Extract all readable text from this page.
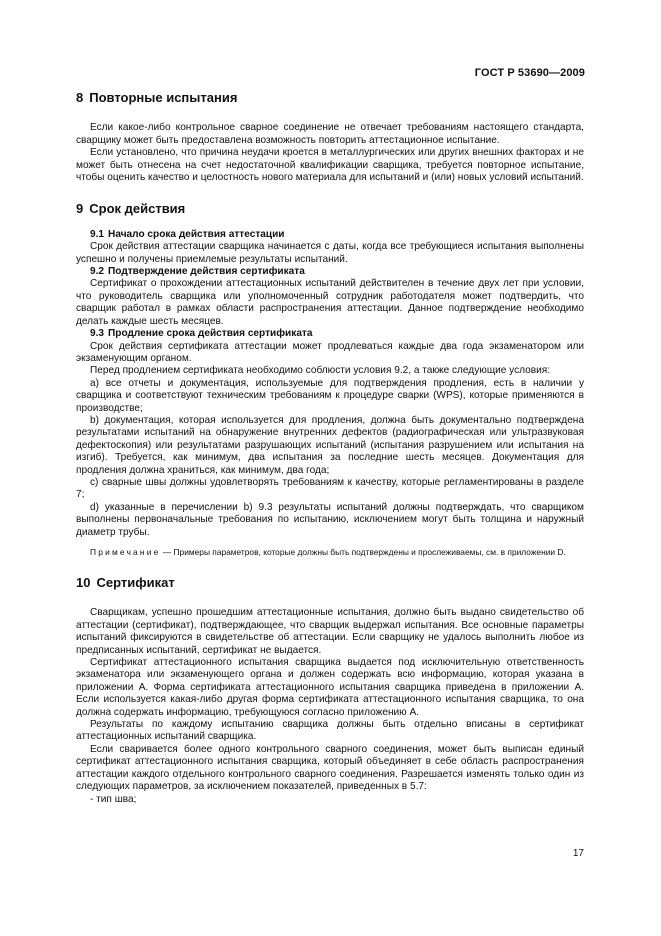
ГОСТ Р 53690—2009
8 Повторные испытания

Если какое-либо контрольное сварное соединение не отвечает требованиям настоящего стандарта, сварщику может быть предоставлена возможность повторить аттестационное испытание.

Если установлено, что причина неудачи кроется в металлургических или других внешних факторах и не может быть отнесена на счет недостаточной квалификации сварщика, требуется повторное испытание, чтобы оценить качество и целостность нового материала для испытаний и (или) новых условий испытаний.

9 Срок действия
9.1 Начало срока действия аттестации

Срок действия аттестации сварщика начинается с даты, когда все требующиеся испытания выполнены успешно и получены приемлемые результаты испытаний.

9.2 Подтверждение действия сертификата

Сертификат о прохождении аттестационных испытаний действителен в течение двух лет при условии, что руководитель сварщика или уполномоченный сотрудник работодателя может подтвердить, что сварщик работал в рамках области распространения аттестации. Данное подтверждение необходимо делать каждые шесть месяцев.

9.3 Продление срока действия сертификата

Срок действия сертификата аттестации может продлеваться каждые два года экзаменатором или экзаменующим органом.

Перед продлением сертификата необходимо соблюсти условия 9.2, а также следующие условия:

а) все отчеты и документация, используемые для подтверждения продления, есть в наличии у сварщика и соответствуют техническим требованиям к процедуре сварки (WPS), которые применяются в производстве;

b) документация, которая используется для продления, должна быть документально подтверждена результатами испытаний на обнаружение внутренних дефектов (радиографическая или ультразвуковая дефектоскопия) или результатами разрушающих испытаний (испытания разрушением или испытания на изгиб). Требуется, как минимум, два испытания за последние шесть месяцев. Документация для продления должна храниться, как минимум, два года;

с) сварные швы должны удовлетворять требованиям к качеству, которые регламентированы в разделе 7;

d) указанные в перечислении b) 9.3 результаты испытаний должны подтверждать, что сварщиком выполнены первоначальные требования по испытанию, исключением могут быть толщина и наружный диаметр трубы.

Примечание — Примеры параметров, которые должны быть подтверждены и прослеживаемы, см. в приложении D.

10 Сертификат

Сварщикам, успешно прошедшим аттестационные испытания, должно быть выдано свидетельство об аттестации (сертификат), подтверждающее, что сварщик выдержал испытания. Все основные параметры испытаний фиксируются в свидетельстве об аттестации. Если сварщику не удалось выполнить любое из предписанных испытаний, сертификат не выдается.

Сертификат аттестационного испытания сварщика выдается под исключительную ответственность экзаменатора или экзаменующего органа и должен содержать всю информацию, которая указана в приложении А. Форма сертификата аттестационного испытания сварщика приведена в приложении А. Если используется какая-либо другая форма сертификата аттестационного испытания сварщика, то она должна содержать информацию, требующуюся согласно приложению А.

Результаты по каждому испытанию сварщика должны быть отдельно вписаны в сертификат аттестационных испытаний сварщика.

Если сваривается более одного контрольного сварного соединения, может быть выписан единый сертификат аттестационного испытания сварщика, который объединяет в себе область распространения аттестации каждого отдельного контрольного сварного соединения. Разрешается изменять только один из следующих параметров, за исключением показателей, приведенных в 5.7:

- тип шва;

17
